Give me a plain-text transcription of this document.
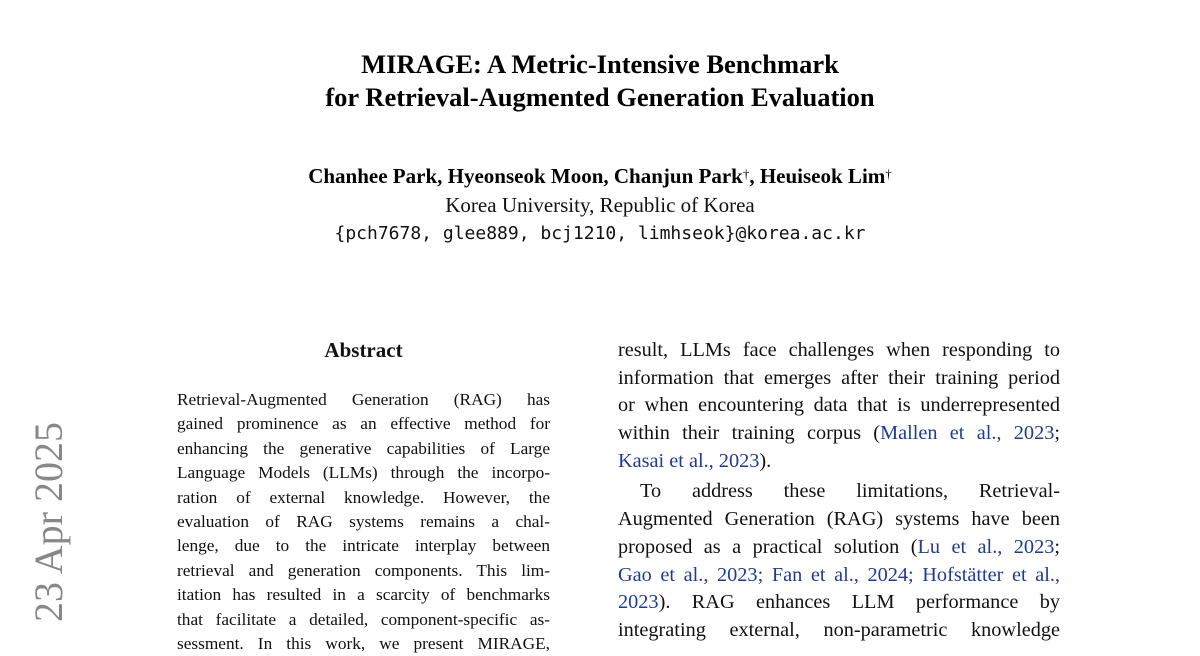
MIRAGE: A Metric-Intensive Benchmark
for Retrieval-Augmented Generation Evaluation
Chanhee Park, Hyeonseok Moon, Chanjun Park†, Heuiseok Lim†
Korea University, Republic of Korea
{pch7678, glee889, bcj1210, limhseok}@korea.ac.kr
23 Apr 2025
Abstract
Retrieval-Augmented Generation (RAG) has
gained prominence as an effective method for
enhancing the generative capabilities of Large
Language Models (LLMs) through the incorpo-
ration of external knowledge. However, the
evaluation of RAG systems remains a chal-
lenge, due to the intricate interplay between
retrieval and generation components. This lim-
itation has resulted in a scarcity of benchmarks
that facilitate a detailed, component-specific as-
sessment. In this work, we present MIRAGE,
result, LLMs face challenges when responding to
information that emerges after their training period
or when encountering data that is underrepresented
within their training corpus (Mallen et al., 2023;
Kasai et al., 2023).
To address these limitations, Retrieval-
Augmented Generation (RAG) systems have been
proposed as a practical solution (Lu et al., 2023;
Gao et al., 2023; Fan et al., 2024; Hofstätter et al.,
2023). RAG enhances LLM performance by
integrating external, non-parametric knowledge
